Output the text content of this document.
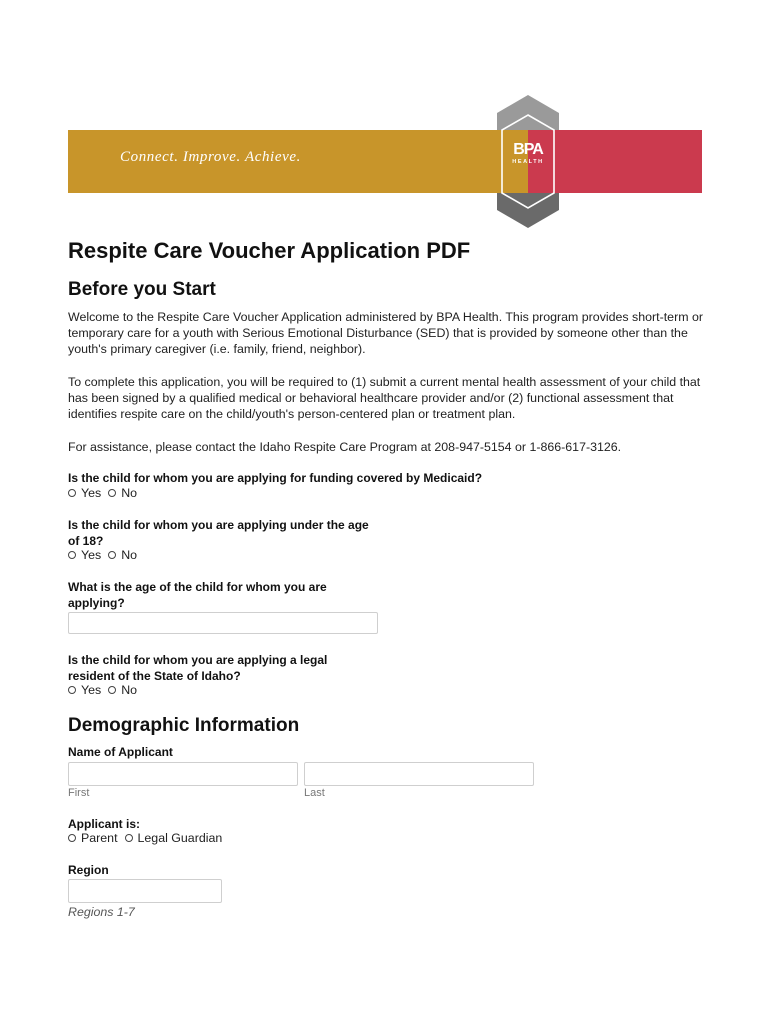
Connect. Improve. Achieve.	BPA
HEALTH
Respite Care Voucher Application PDF
Before you Start
Welcome to the Respite Care Voucher Application administered by BPA Health. This program provides short-term or temporary care for a youth with Serious Emotional Disturbance (SED) that is provided by someone other than the youth's primary caregiver (i.e. family, friend, neighbor).
To complete this application, you will be required to (1) submit a current mental health assessment of your child that has been signed by a qualified medical or behavioral healthcare provider and/or (2) functional assessment that identifies respite care on the child/youth's person-centered plan or treatment plan.
For assistance, please contact the Idaho Respite Care Program at 208-947-5154 or 1-866-617-3126.
Is the child for whom you are applying for funding covered by Medicaid?
Yes No
Is the child for whom you are applying under the age of 18?
Yes No
What is the age of the child for whom you are applying?
Is the child for whom you are applying a legal resident of the State of Idaho?
Yes No
Demographic Information
Name of Applicant
First	Last
Applicant is:
Parent Legal Guardian
Region
Regions 1-7
